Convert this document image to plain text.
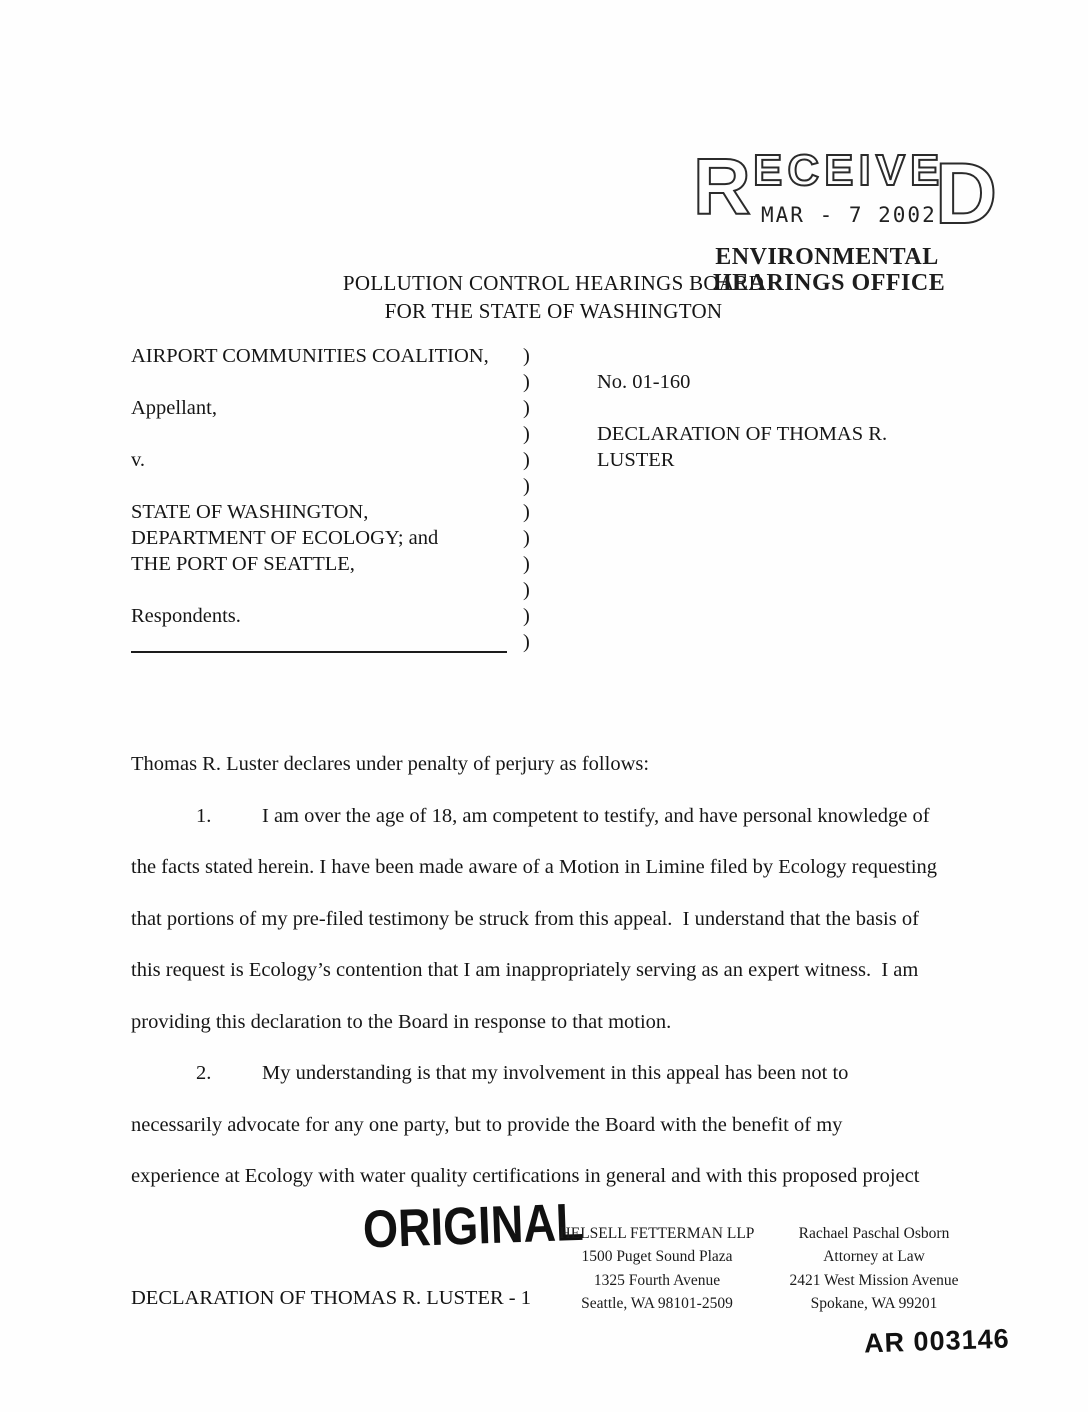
R ECEIVE
D
MAR - 7 2002
ENVIRONMENTAL
HEARINGS OFFICE
POLLUTION CONTROL HEARINGS BOARD
FOR THE STATE OF WASHINGTON
AIRPORT COMMUNITIES COALITION,	)
)	No. 01-160
Appellant,	)
)	DECLARATION OF THOMAS R.
v.	)	LUSTER
)
STATE OF WASHINGTON,	)
DEPARTMENT OF ECOLOGY; and	)
THE PORT OF SEATTLE,	)
)
Respondents.	)
)
Thomas R. Luster declares under penalty of perjury as follows:
1. I am over the age of 18, am competent to testify, and have personal knowledge of
the facts stated herein. I have been made aware of a Motion in Limine filed by Ecology requesting
that portions of my pre-filed testimony be struck from this appeal.  I understand that the basis of
this request is Ecology’s contention that I am inappropriately serving as an expert witness.  I am
providing this declaration to the Board in response to that motion.
2. My understanding is that my involvement in this appeal has been not to
necessarily advocate for any one party, but to provide the Board with the benefit of my
experience at Ecology with water quality certifications in general and with this proposed project
ORIGINAL
HELSELL FETTERMAN LLP
1500 Puget Sound Plaza
1325 Fourth Avenue
Seattle, WA 98101-2509
Rachael Paschal Osborn
Attorney at Law
2421 West Mission Avenue
Spokane, WA 99201
DECLARATION OF THOMAS R. LUSTER - 1
AR 003146
